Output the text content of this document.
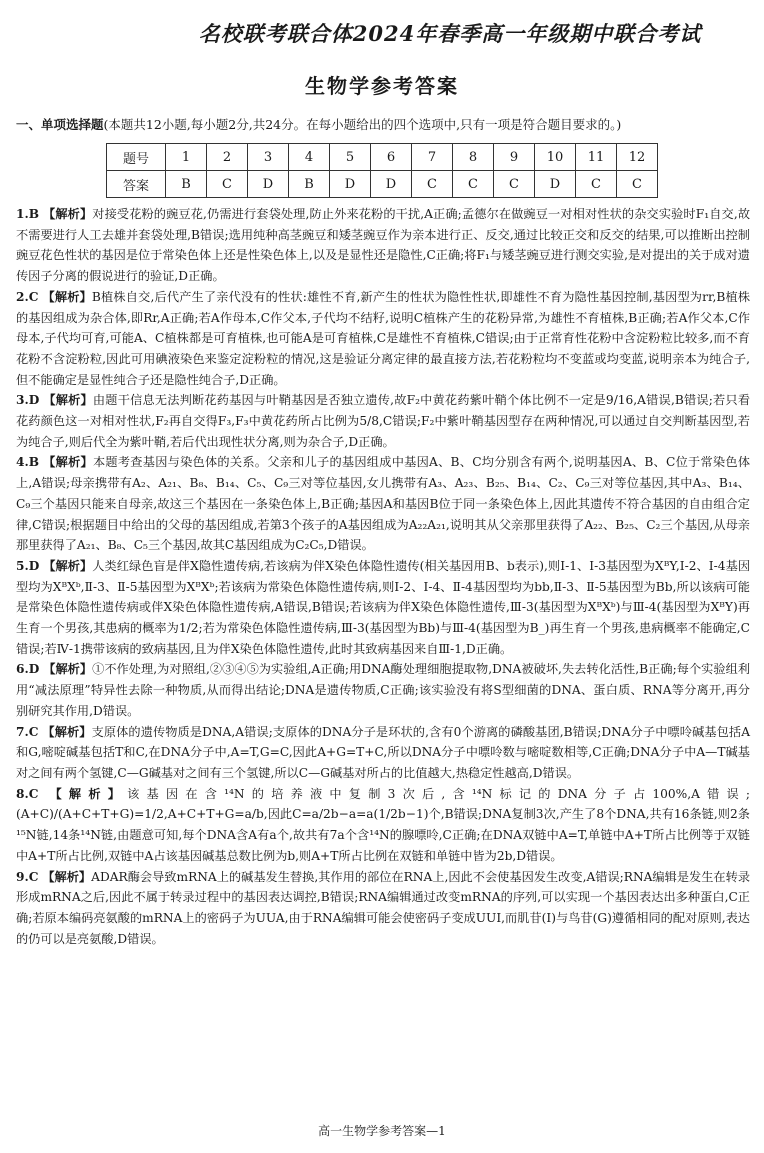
名校联考联合体2024年春季高一年级期中联合考试
生物学参考答案
一、单项选择题(本题共12小题,每小题2分,共24分。在每小题给出的四个选项中,只有一项是符合题目要求的。)
题号	1	2	3	4	5	6	7	8	9	10	11	12
答案	B	C	D	B	D	D	C	C	C	D	C	C

1.B 【解析】对接受花粉的豌豆花,仍需进行套袋处理,防止外来花粉的干扰,A正确;孟德尔在做豌豆一对相对性状的杂交实验时F₁自交,故不需要进行人工去雄并套袋处理,B错误;选用纯种高茎豌豆和矮茎豌豆作为亲本进行正、反交,通过比较正交和反交的结果,可以推断出控制豌豆花色性状的基因是位于常染色体上还是性染色体上,以及是显性还是隐性,C正确;将F₁与矮茎豌豆进行测交实验,是对提出的关于成对遗传因子分离的假说进行的验证,D正确。

2.C 【解析】B植株自交,后代产生了亲代没有的性状:雄性不育,新产生的性状为隐性性状,即雄性不育为隐性基因控制,基因型为rr,B植株的基因组成为杂合体,即Rr,A正确;若A作母本,C作父本,子代均不结籽,说明C植株产生的花粉异常,为雄性不育植株,B正确;若A作父本,C作母本,子代均可育,可能A、C植株都是可育植株,也可能A是可育植株,C是雄性不育植株,C错误;由于正常育性花粉中含淀粉粒比较多,而不育花粉不含淀粉粒,因此可用碘液染色来鉴定淀粉粒的情况,这是验证分离定律的最直接方法,若花粉粒均不变蓝或均变蓝,说明亲本为纯合子,但不能确定是显性纯合子还是隐性纯合子,D正确。

3.D 【解析】由题干信息无法判断花药基因与叶鞘基因是否独立遗传,故F₂中黄花药紫叶鞘个体比例不一定是9/16,A错误,B错误;若只看花药颜色这一对相对性状,F₂再自交得F₃,F₃中黄花药所占比例为5/8,C错误;F₂中紫叶鞘基因型存在两种情况,可以通过自交判断基因型,若为纯合子,则后代全为紫叶鞘,若后代出现性状分离,则为杂合子,D正确。

4.B 【解析】本题考查基因与染色体的关系。父亲和儿子的基因组成中基因A、B、C均分别含有两个,说明基因A、B、C位于常染色体上,A错误;母亲携带有A₂、A₂₁、B₈、B₁₄、C₅、C₉三对等位基因,女儿携带有A₃、A₂₃、B₂₅、B₁₄、C₂、C₉三对等位基因,其中A₃、B₁₄、C₉三个基因只能来自母亲,故这三个基因在一条染色体上,B正确;基因A和基因B位于同一条染色体上,因此其遗传不符合基因的自由组合定律,C错误;根据题目中给出的父母的基因组成,若第3个孩子的A基因组成为A₂₂A₂₁,说明其从父亲那里获得了A₂₂、B₂₅、C₂三个基因,从母亲那里获得了A₂₁、B₈、C₅三个基因,故其C基因组成为C₂C₅,D错误。

5.D 【解析】人类红绿色盲是伴X隐性遗传病,若该病为伴X染色体隐性遗传(相关基因用B、b表示),则Ⅰ-1、Ⅰ-3基因型为XᴮY,Ⅰ-2、Ⅰ-4基因型均为XᴮXᵇ,Ⅱ-3、Ⅱ-5基因型为XᴮXᵇ;若该病为常染色体隐性遗传病,则Ⅰ-2、Ⅰ-4、Ⅱ-4基因型均为bb,Ⅱ-3、Ⅱ-5基因型为Bb,所以该病可能是常染色体隐性遗传病或伴X染色体隐性遗传病,A错误,B错误;若该病为伴X染色体隐性遗传,Ⅲ-3(基因型为XᴮXᵇ)与Ⅲ-4(基因型为XᴮY)再生育一个男孩,其患病的概率为1/2;若为常染色体隐性遗传病,Ⅲ-3(基因型为Bb)与Ⅲ-4(基因型为B_)再生育一个男孩,患病概率不能确定,C错误;若Ⅳ-1携带该病的致病基因,且为伴X染色体隐性遗传,此时其致病基因来自Ⅲ-1,D正确。

6.D 【解析】①不作处理,为对照组,②③④⑤为实验组,A正确;用DNA酶处理细胞提取物,DNA被破坏,失去转化活性,B正确;每个实验组利用“减法原理”特异性去除一种物质,从而得出结论;DNA是遗传物质,C正确;该实验没有将S型细菌的DNA、蛋白质、RNA等分离开,再分别研究其作用,D错误。

7.C 【解析】支原体的遗传物质是DNA,A错误;支原体的DNA分子是环状的,含有0个游离的磷酸基团,B错误;DNA分子中嘌呤碱基包括A和G,嘧啶碱基包括T和C,在DNA分子中,A=T,G=C,因此A+G=T+C,所以DNA分子中嘌呤数与嘧啶数相等,C正确;DNA分子中A—T碱基对之间有两个氢键,C—G碱基对之间有三个氢键,所以C—G碱基对所占的比值越大,热稳定性越高,D错误。

8.C 【解析】该基因在含¹⁴N的培养液中复制3次后,含¹⁴N标记的DNA分子占100%,A错误;(A+C)/(A+C+T+G)=1/2,A+C+T+G=a/b,因此C=a/2b−a=a(1/2b−1)个,B错误;DNA复制3次,产生了8个DNA,共有16条链,则2条¹⁵N链,14条¹⁴N链,由题意可知,每个DNA含A有a个,故共有7a个含¹⁴N的腺嘌呤,C正确;在DNA双链中A=T,单链中A+T所占比例等于双链中A+T所占比例,双链中A占该基因碱基总数比例为b,则A+T所占比例在双链和单链中皆为2b,D错误。

9.C 【解析】ADAR酶会导致mRNA上的碱基发生替换,其作用的部位在RNA上,因此不会使基因发生改变,A错误;RNA编辑是发生在转录形成mRNA之后,因此不属于转录过程中的基因表达调控,B错误;RNA编辑通过改变mRNA的序列,可以实现一个基因表达出多种蛋白,C正确;若原本编码亮氨酸的mRNA上的密码子为UUA,由于RNA编辑可能会使密码子变成UUI,而肌苷(I)与鸟苷(G)遵循相同的配对原则,表达的仍可以是亮氨酸,D错误。

高一生物学参考答案—1
